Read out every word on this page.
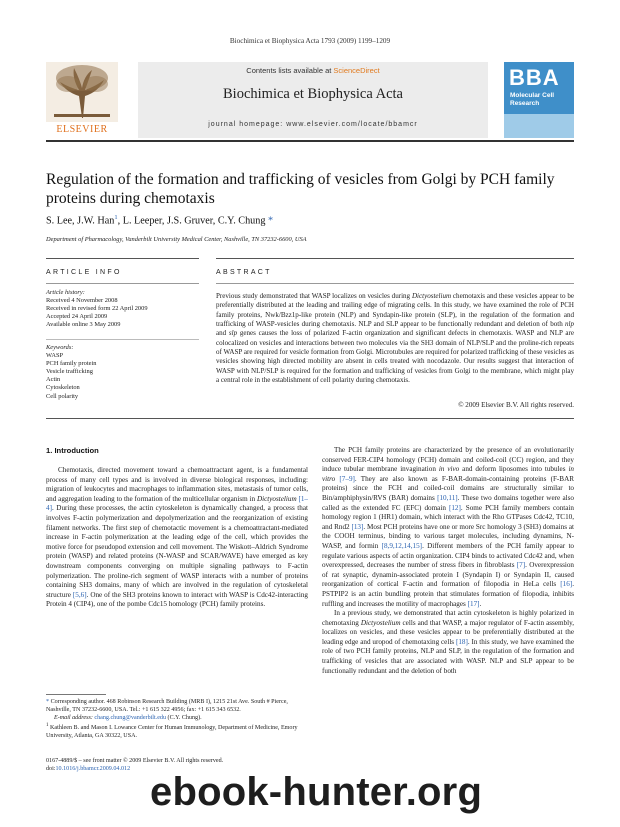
Biochimica et Biophysica Acta 1793 (2009) 1199–1209
ELSEVIER
Contents lists available at ScienceDirect
Biochimica et Biophysica Acta
journal homepage: www.elsevier.com/locate/bbamcr
BBA
Molecular Cell
Research
Regulation of the formation and trafficking of vesicles from Golgi by PCH family proteins during chemotaxis
S. Lee, J.W. Han$^1$, L. Leeper, J.S. Gruver, C.Y. Chung *
Department of Pharmacology, Vanderbilt University Medical Center, Nashville, TN 37232-6600, USA
ARTICLE INFO	ABSTRACT
Article history:
Received 4 November 2008
Received in revised form 22 April 2009
Accepted 24 April 2009
Available online 3 May 2009
Keywords:
WASP
PCH family protein
Vesicle trafficking
Actin
Cytoskeleton
Cell polarity
Previous study demonstrated that WASP localizes on vesicles during Dictyostelium chemotaxis and these vesicles appear to be preferentially distributed at the leading and trailing edge of migrating cells. In this study, we have examined the role of PCH family proteins, Nwk/Bzz1p-like protein (NLP) and Syndapin-like protein (SLP), in the regulation of the formation and trafficking of WASP-vesicles during chemotaxis. NLP and SLP appear to be functionally redundant and deletion of both nlp and slp genes causes the loss of polarized F-actin organization and significant defects in chemotaxis. WASP and NLP are colocalized on vesicles and interactions between two molecules via the SH3 domain of NLP/SLP and the proline-rich repeats of WASP are required for vesicle formation from Golgi. Microtubules are required for polarized trafficking of these vesicles as vesicles showing high directed mobility are absent in cells treated with nocodazole. Our results suggest that interaction of WASP with NLP/SLP is required for the formation and trafficking of vesicles from Golgi to the membrane, which might play a central role in the establishment of cell polarity during chemotaxis.
© 2009 Elsevier B.V. All rights reserved.
1. Introduction
Chemotaxis, directed movement toward a chemoattractant agent, is a fundamental process of many cell types and is involved in diverse biological responses, including: migration of leukocytes and macrophages to inflammation sites, metastasis of tumor cells, and aggregation leading to the formation of the multicellular organism in Dictyostelium [1–4]. During these processes, the actin cytoskeleton is dynamically changed, a process that involves F-actin polymerization and depolymerization and the reorganization of existing filament networks. The first step of chemotactic movement is a chemoattractant-mediated increase in F-actin polymerization at the leading edge of the cell, which provides the motive force for pseudopod extension and cell movement. The Wiskott–Aldrich Syndrome protein (WASP) and related proteins (N-WASP and SCAR/WAVE) have emerged as key downstream components converging on multiple signaling pathways to F-actin polymerization. The proline-rich segment of WASP interacts with a number of proteins containing SH3 domains, many of which are involved in the regulation of cytoskeletal structure [5,6]. One of the SH3 proteins known to interact with WASP is Cdc42-interacting Protein 4 (CIP4), one of the pombe Cdc15 homology (PCH) family proteins.
* Corresponding author. 468 Robinson Research Building (MRB I), 1215 21st Ave. South # Pierce, Nashville, TN 37232-6600, USA. Tel.: +1 615 322 4956; fax: +1 615 343 6532.
E-mail address: chang.chung@vanderbilt.edu (C.Y. Chung).
$^1$ Kathleen B. and Mason I. Lowance Center for Human Immunology, Department of Medicine, Emory University, Atlanta, GA 30322, USA.
0167-4889/$ – see front matter © 2009 Elsevier B.V. All rights reserved.
doi:10.1016/j.bbamcr.2009.04.012
The PCH family proteins are characterized by the presence of an evolutionarily conserved FER-CIP4 homology (FCH) domain and coiled-coil (CC) region, and they induce tubular membrane invagination in vivo and deform liposomes into tubules in vitro [7–9]. They are also known as F-BAR-domain-containing proteins (F-BAR proteins) since the FCH and coiled-coil domains are structurally similar to Bin/amphiphysin/RVS (BAR) domains [10,11]. These two domains together were also called as the extended FC (EFC) domain [12]. Some PCH family members contain homology region 1 (HR1) domain, which interact with the Rho GTPases Cdc42, TC10, and Rnd2 [13]. Most PCH proteins have one or more Src homology 3 (SH3) domains at the COOH terminus, binding to various target molecules, including dynamins, N-WASP, and formin [8,9,12,14,15]. Different members of the PCH family appear to regulate various aspects of actin organization. CIP4 binds to activated Cdc42 and, when overexpressed, decreases the number of stress fibers in fibroblasts [7]. Overexpression of rat synaptic, dynamin-associated protein I (Syndapin I) or Syndapin II, caused reorganization of cortical F-actin and formation of filopodia in HeLa cells [16]. PSTPIP2 is an actin bundling protein that stimulates formation of filopodia, inhibits ruffling and increases the motility of macrophages [17].
In a previous study, we demonstrated that actin cytoskeleton is highly polarized in chemotaxing Dictyostelium cells and that WASP, a major regulator of F-actin assembly, localizes on vesicles, and these vesicles appear to be preferentially distributed at the leading edge and uropod of chemotaxing cells [18]. In this study, we have examined the role of two PCH family proteins, NLP and SLP, in the regulation of the formation and trafficking of vesicles that are associated with WASP. NLP and SLP appear to be functionally redundant and the deletion of both
ebook-hunter.org
